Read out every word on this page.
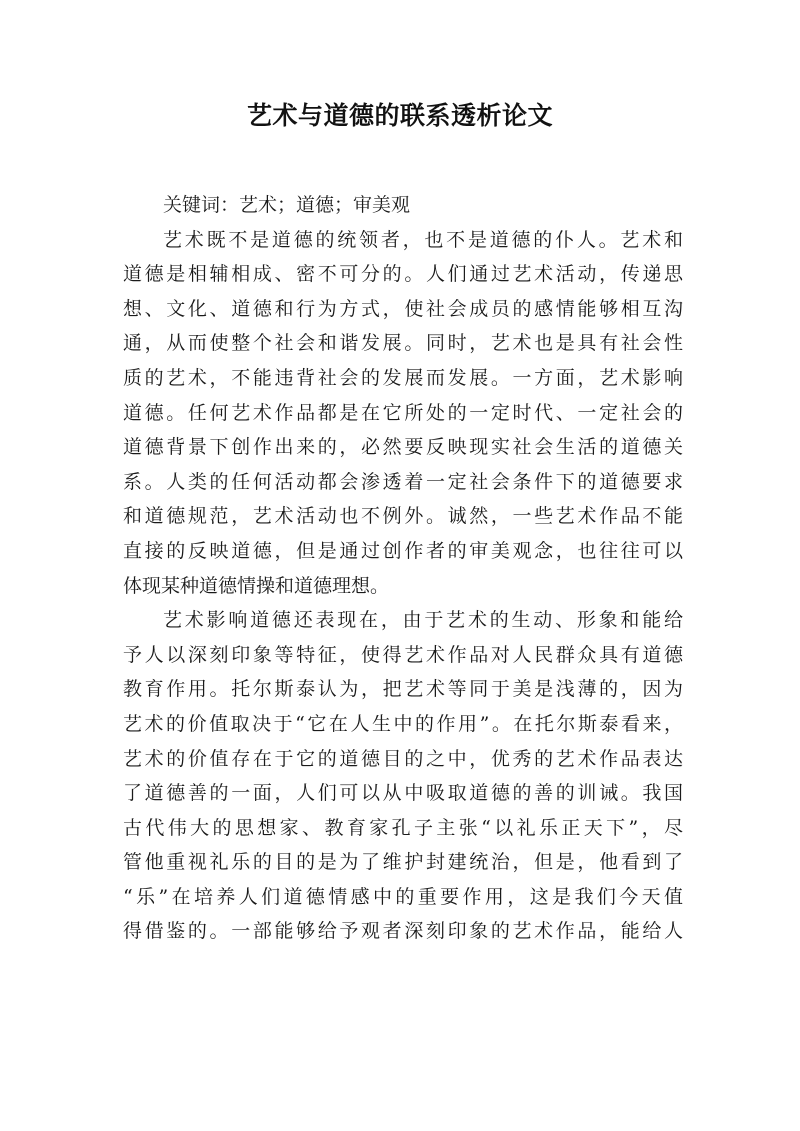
艺术与道德的联系透析论文
关键词：艺术；道德；审美观
艺术既不是道德的统领者，也不是道德的仆人。艺术和
道德是相辅相成、密不可分的。人们通过艺术活动，传递思
想、文化、道德和行为方式，使社会成员的感情能够相互沟
通，从而使整个社会和谐发展。同时，艺术也是具有社会性
质的艺术，不能违背社会的发展而发展。一方面，艺术影响
道德。任何艺术作品都是在它所处的一定时代、一定社会的
道德背景下创作出来的，必然要反映现实社会生活的道德关
系。人类的任何活动都会渗透着一定社会条件下的道德要求
和道德规范，艺术活动也不例外。诚然，一些艺术作品不能
直接的反映道德，但是通过创作者的审美观念，也往往可以
体现某种道德情操和道德理想。
艺术影响道德还表现在，由于艺术的生动、形象和能给
予人以深刻印象等特征，使得艺术作品对人民群众具有道德
教育作用。托尔斯泰认为，把艺术等同于美是浅薄的，因为
艺术的价值取决于“它在人生中的作用”。在托尔斯泰看来，
艺术的价值存在于它的道德目的之中，优秀的艺术作品表达
了道德善的一面，人们可以从中吸取道德的善的训诫。我国
古代伟大的思想家、教育家孔子主张“以礼乐正天下”，尽
管他重视礼乐的目的是为了维护封建统治，但是，他看到了
“乐”在培养人们道德情感中的重要作用，这是我们今天值
得借鉴的。一部能够给予观者深刻印象的艺术作品，能给人
